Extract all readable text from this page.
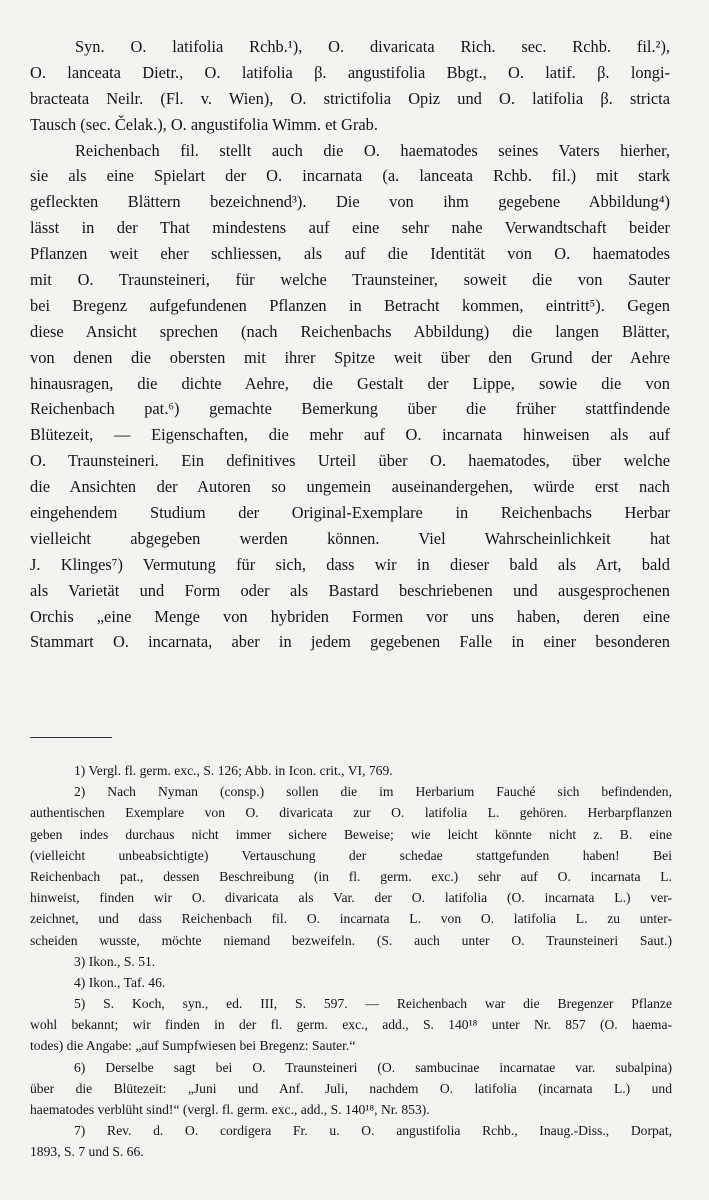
Syn. O. latifolia Rchb.¹), O. divaricata Rich. sec. Rchb. fil.²),
O. lanceata Dietr., O. latifolia β. angustifolia Bbgt., O. latif. β. longi-
bracteata Neilr. (Fl. v. Wien), O. strictifolia Opiz und O. latifolia β. stricta
Tausch (sec. Čelak.), O. angustifolia Wimm. et Grab.
Reichenbach fil. stellt auch die O. haematodes seines Vaters hierher,
sie als eine Spielart der O. incarnata (a. lanceata Rchb. fil.) mit stark
gefleckten Blättern bezeichnend³). Die von ihm gegebene Abbildung⁴)
lässt in der That mindestens auf eine sehr nahe Verwandtschaft beider
Pflanzen weit eher schliessen, als auf die Identität von O. haematodes
mit O. Traunsteineri, für welche Traunsteiner, soweit die von Sauter
bei Bregenz aufgefundenen Pflanzen in Betracht kommen, eintritt⁵). Gegen
diese Ansicht sprechen (nach Reichenbachs Abbildung) die langen Blätter,
von denen die obersten mit ihrer Spitze weit über den Grund der Aehre
hinausragen, die dichte Aehre, die Gestalt der Lippe, sowie die von
Reichenbach pat.⁶) gemachte Bemerkung über die früher stattfindende
Blütezeit, — Eigenschaften, die mehr auf O. incarnata hinweisen als auf
O. Traunsteineri. Ein definitives Urteil über O. haematodes, über welche
die Ansichten der Autoren so ungemein auseinandergehen, würde erst nach
eingehendem Studium der Original-Exemplare in Reichenbachs Herbar
vielleicht abgegeben werden können. Viel Wahrscheinlichkeit hat
J. Klinges⁷) Vermutung für sich, dass wir in dieser bald als Art, bald
als Varietät und Form oder als Bastard beschriebenen und ausgesprochenen
Orchis „eine Menge von hybriden Formen vor uns haben, deren eine
Stammart O. incarnata, aber in jedem gegebenen Falle in einer besonderen
1) Vergl. fl. germ. exc., S. 126; Abb. in Icon. crit., VI, 769.
2) Nach Nyman (consp.) sollen die im Herbarium Fauché sich befindenden,
authentischen Exemplare von O. divaricata zur O. latifolia L. gehören. Herbarpflanzen
geben indes durchaus nicht immer sichere Beweise; wie leicht könnte nicht z. B. eine
(vielleicht unbeabsichtigte) Vertauschung der schedae stattgefunden haben! Bei
Reichenbach pat., dessen Beschreibung (in fl. germ. exc.) sehr auf O. incarnata L.
hinweist, finden wir O. divaricata als Var. der O. latifolia (O. incarnata L.) ver-
zeichnet, und dass Reichenbach fil. O. incarnata L. von O. latifolia L. zu unter-
scheiden wusste, möchte niemand bezweifeln. (S. auch unter O. Traunsteineri Saut.)
3) Ikon., S. 51.
4) Ikon., Taf. 46.
5) S. Koch, syn., ed. III, S. 597. — Reichenbach war die Bregenzer Pflanze
wohl bekannt; wir finden in der fl. germ. exc., add., S. 140¹⁸ unter Nr. 857 (O. haema-
todes) die Angabe: „auf Sumpfwiesen bei Bregenz: Sauter.“
6) Derselbe sagt bei O. Traunsteineri (O. sambucinae incarnatae var. subalpina)
über die Blütezeit: „Juni und Anf. Juli, nachdem O. latifolia (incarnata L.) und
haematodes verblüht sind!“ (vergl. fl. germ. exc., add., S. 140¹⁸, Nr. 853).
7) Rev. d. O. cordigera Fr. u. O. angustifolia Rchb., Inaug.-Diss., Dorpat,
1893, S. 7 und S. 66.
